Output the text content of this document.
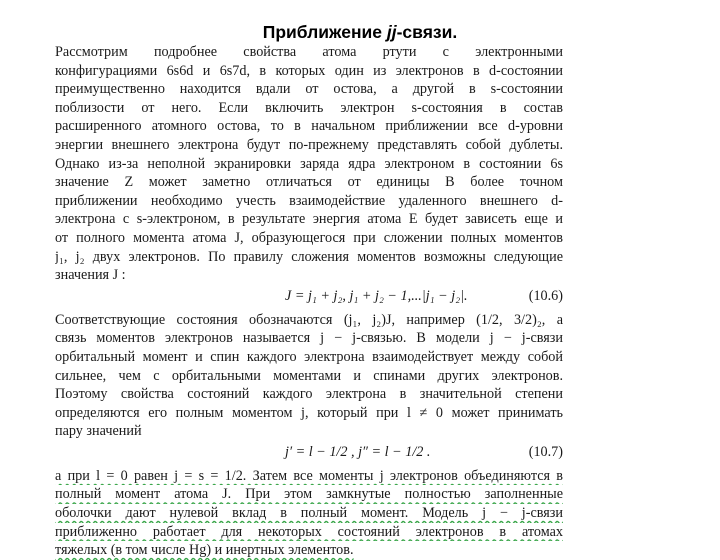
Приближение jj-связи.
Рассмотрим подробнее свойства атома ртути с электронными
конфигурациями 6s6d и 6s7d, в которых один из электронов в d-состоянии
преимущественно находится вдали от остова, а другой в s-состоянии
поблизости от него. Если включить электрон s-состояния в состав
расширенного атомного остова, то в начальном приближении все d-уровни
энергии внешнего электрона будут по-прежнему представлять собой дублеты.
Однако из-за неполной экранировки заряда ядра электроном в состоянии 6s
значение Z может заметно отличаться от единицы В более точном
приближении необходимо учесть взаимодействие удаленного внешнего d-
электрона с s-электроном, в результате энергия атома E будет зависеть еще и
от полного момента атома J, образующегося при сложении полных моментов
j₁, j₂ двух электронов. По правилу сложения моментов возможны следующие
значения J :
J = j₁ + j₂, j₁ + j₂ − 1,...|j₁ − j₂|.	(10.6)
Соответствующие состояния обозначаются (j₁, j₂)J, например (1/2, 3/2)₂, а
связь моментов электронов называется j − j-связью. В модели j − j-связи
орбитальный момент и спин каждого электрона взаимодействует между собой
сильнее, чем с орбитальными моментами и спинами других электронов.
Поэтому свойства состояний каждого электрона в значительной степени
определяются его полным моментом j, который при l ≠ 0 может принимать
пару значений
j′ = l − 1/2 , j″ = l − 1/2 .	(10.7)
а при l = 0 равен j = s = 1/2. Затем все моменты j электронов объединяются в
полный момент атома J. При этом замкнутые полностью заполненные
оболочки дают нулевой вклад в полный момент. Модель j − j-связи
приближенно работает для некоторых состояний электронов в атомах
тяжелых (в том числе Hg) и инертных элементов.
